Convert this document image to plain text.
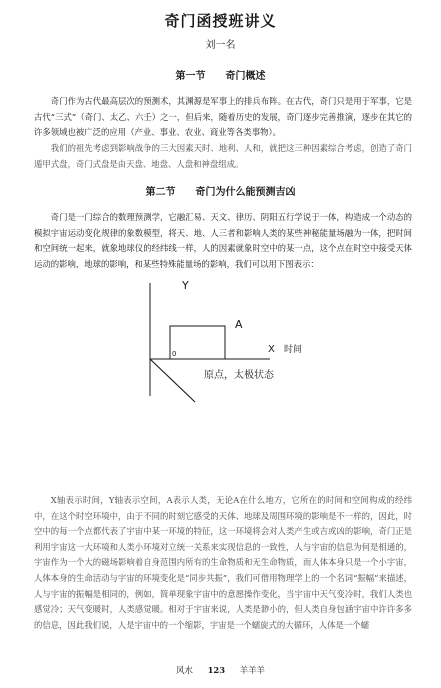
奇门函授班讲义
刘一名
第一节　　奇门概述

奇门作为古代最高层次的预测术，其渊源是军事上的排兵布阵。在古代，奇门只是用于军事，它是古代“三式”（奇门、太乙、六壬）之一，但后来，随着历史的发展，奇门逐步完善推演，逐步在其它的许多领域也被广泛的应用（产业、事业、农业、商业等各类事物）。

我们的祖先考虑到影响战争的三大因素天时、地利、人和，就把这三种因素综合考虑，创造了奇门遁甲式盘，奇门式盘是由天盘、地盘、人盘和神盘组成。

第二节　　奇门为什么能预测吉凶

奇门是一门综合的数理预测学，它融汇易、天文、律历、阴阳五行学说于一体，构造成一个动态的模拟宇宙运动变化规律的象数模型，将天、地、人三者和影响人类的某些神秘能量场融为一体，把时间和空间统一起来，就象地球仪的经纬线一样，人的因素就象时空中的某一点，这个点在时空中接受天体运动的影响，地球的影响，和某些特殊能量场的影响，我们可以用下图表示：

Y
A
0	X 时间
原点，太极状态

X轴表示时间，Y轴表示空间，A表示人类，无论A在什么地方，它所在的时间和空间构成的经纬中，在这个时空环境中，由于不同的时刻它感受的天体、地球及周围环境的影响是不一样的，因此，时空中的每一个点都代表了宇宙中某一环境的特征，这一环境将会对人类产生或吉或凶的影响，奇门正是利用宇宙这一大环境和人类小环境对立统一关系来实现信息的一致性，人与宇宙的信息为何是相通的，宇宙作为一个大的磁场影响着自身范围内所有的生命物质和无生命物质，而人体本身只是一个小宇宙，人体本身的生命活动与宇宙的环境变化是“同步共振”，我们可借用物理学上的一个名词“振幅”来描述，人与宇宙的振幅是相同的，例如，简单现象宇宙中的意愿操作变化，当宇宙中天气变冷时，我们人类也感觉冷；天气变暖时，人类感觉暖。相对于宇宙来说，人类是渺小的，但人类自身包涵宇宙中许许多多的信息，因此我们说，人是宇宙中的一个缩影，宇宙是一个蠕旋式的大循环，人体是一个蠕

风水 123 羊羊羊
